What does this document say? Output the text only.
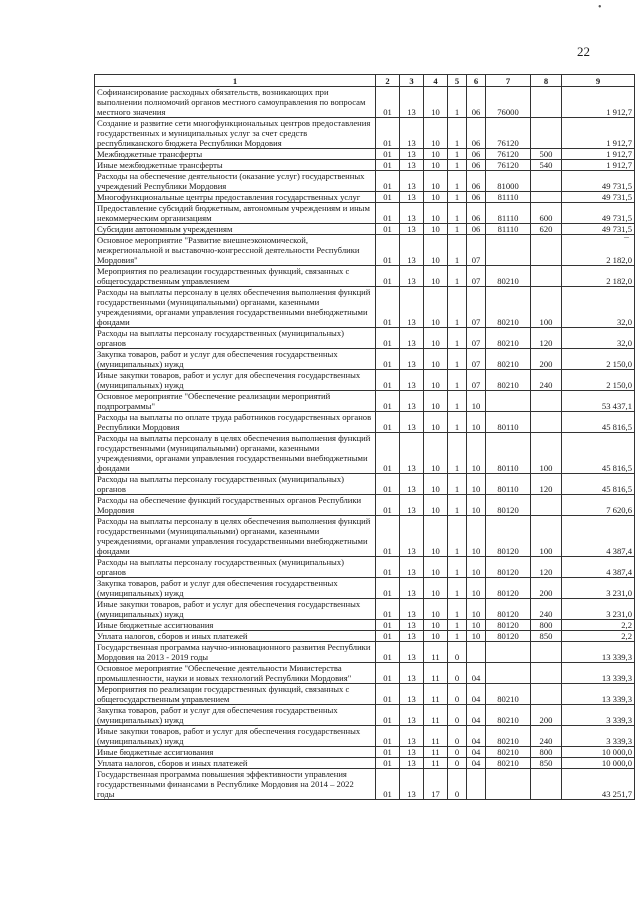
22
1	2	3	4	5	6	7	8	9
Софинансирование расходных обязательств, возникающих при выполнении полномочий органов местного самоуправления по вопросам местного значения	01	13	10	1	06	76000		1 912,7
Создание и развитие сети многофункциональных центров предоставления государственных и муниципальных услуг за счет средств республиканского бюджета Республики Мордовия	01	13	10	1	06	76120		1 912,7
Межбюджетные трансферты	01	13	10	1	06	76120	500	1 912,7
Иные межбюджетные трансферты	01	13	10	1	06	76120	540	1 912,7
Расходы на обеспечение деятельности (оказание услуг) государственных учреждений Республики Мордовия	01	13	10	1	06	81000		49 731,5
Многофункциональные центры предоставления государственных услуг	01	13	10	1	06	81110		49 731,5
Предоставление субсидий бюджетным, автономным учреждениям и иным некоммерческим организациям	01	13	10	1	06	81110	600	49 731,5
Субсидии автономным учреждениям	01	13	10	1	06	81110	620	49 731,5
Основное мероприятие "Развитие внешнеэкономической, межрегиональной и выставочно-конгрессной деятельности Республики Мордовия"	01	13	10	1	07			2 182,0
Мероприятия по реализации государственных функций, связанных с общегосударственным управлением	01	13	10	1	07	80210		2 182,0
Расходы на выплаты персоналу в целях обеспечения выполнения функций государственными (муниципальными) органами, казенными учреждениями, органами управления государственными внебюджетными фондами	01	13	10	1	07	80210	100	32,0
Расходы на выплаты персоналу государственных (муниципальных) органов	01	13	10	1	07	80210	120	32,0
Закупка товаров, работ и услуг для обеспечения государственных (муниципальных) нужд	01	13	10	1	07	80210	200	2 150,0
Иные закупки товаров, работ и услуг для обеспечения государственных (муниципальных) нужд	01	13	10	1	07	80210	240	2 150,0
Основное мероприятие "Обеспечение реализации мероприятий подпрограммы"	01	13	10	1	10			53 437,1
Расходы на выплаты по оплате труда работников государственных органов Республики Мордовия	01	13	10	1	10	80110		45 816,5
Расходы на выплаты персоналу в целях обеспечения выполнения функций государственными (муниципальными) органами, казенными учреждениями, органами управления государственными внебюджетными фондами	01	13	10	1	10	80110	100	45 816,5
Расходы на выплаты персоналу государственных (муниципальных) органов	01	13	10	1	10	80110	120	45 816,5
Расходы на обеспечение функций государственных органов Республики Мордовия	01	13	10	1	10	80120		7 620,6
Расходы на выплаты персоналу в целях обеспечения выполнения функций государственными (муниципальными) органами, казенными учреждениями, органами управления государственными внебюджетными фондами	01	13	10	1	10	80120	100	4 387,4
Расходы на выплаты персоналу государственных (муниципальных) органов	01	13	10	1	10	80120	120	4 387,4
Закупка товаров, работ и услуг для обеспечения государственных (муниципальных) нужд	01	13	10	1	10	80120	200	3 231,0
Иные закупки товаров, работ и услуг для обеспечения государственных (муниципальных) нужд	01	13	10	1	10	80120	240	3 231,0
Иные бюджетные ассигнования	01	13	10	1	10	80120	800	2,2
Уплата налогов, сборов и иных платежей	01	13	10	1	10	80120	850	2,2
Государственная программа научно-инновационного развития Республики Мордовия на 2013 - 2019 годы	01	13	11	0				13 339,3
Основное мероприятие "Обеспечение деятельности Министерства промышленности, науки и новых технологий Республики Мордовия"	01	13	11	0	04			13 339,3
Мероприятия по реализации государственных функций, связанных с общегосударственным управлением	01	13	11	0	04	80210		13 339,3
Закупка товаров, работ и услуг для обеспечения государственных (муниципальных) нужд	01	13	11	0	04	80210	200	3 339,3
Иные закупки товаров, работ и услуг для обеспечения государственных (муниципальных) нужд	01	13	11	0	04	80210	240	3 339,3
Иные бюджетные ассигнования	01	13	11	0	04	80210	800	10 000,0
Уплата налогов, сборов и иных платежей	01	13	11	0	04	80210	850	10 000,0
Государственная программа повышения эффективности управления государственными финансами в Республике Мордовия на 2014 – 2022 годы	01	13	17	0				43 251,7
•
–
